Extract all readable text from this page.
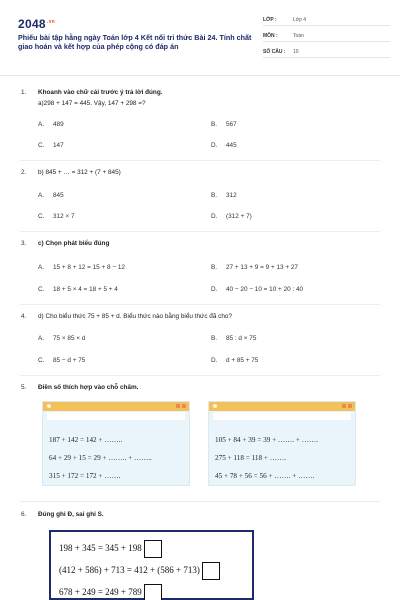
$2048^{.vn}$
Phiếu bài tập hằng ngày Toán lớp 4 Kết nối tri thức Bài 24. Tính chất giao hoán và kết hợp của phép cộng có đáp án
LỚP :	Lớp 4
MÔN :	Toán
SỐ CÂU : 10
1. Khoanh vào chữ cái trước ý trả lời đúng.
a)298 + 147 = 445. Vậy, 147 + 298 =?
A. 489	B. 567
C. 147	D. 445
2. b) 845 + … = 312 + (7 + 845)
A. 845	B. 312
C. 312 × 7	D. (312 + 7)
3. c) Chọn phát biểu đúng
A. 15 + 8 + 12 = 15 + 8 − 12	B. 27 + 13 + 9 = 9 + 13 + 27
C. 18 + 5 × 4 = 18 + 5 + 4	D. 40 − 20 − 10 = 10 + 20 : 40
4. d) Cho biểu thức 75 + 85 + d. Biểu thức nào bằng biểu thức đã cho?
A. 75 × 85 × d	B. 85 : d × 75
C. 85 − d + 75	D. d + 85 + 75
5. Điền số thích hợp vào chỗ chấm.
187 + 142 = 142 + ……..
64 + 29 + 15 = 29 + …….. + ……..
315 + 172 = 172 + …….
105 + 84 + 39 = 39 + ……. + …….
275 + 118 = 118 + …….
45 + 78 + 56 = 56 + ……. + …….
6. Đúng ghi Đ, sai ghi S.
198 + 345 = 345 + 198
(412 + 586) + 713 = 412 + (586 + 713)
678 + 249 = 249 + 789
